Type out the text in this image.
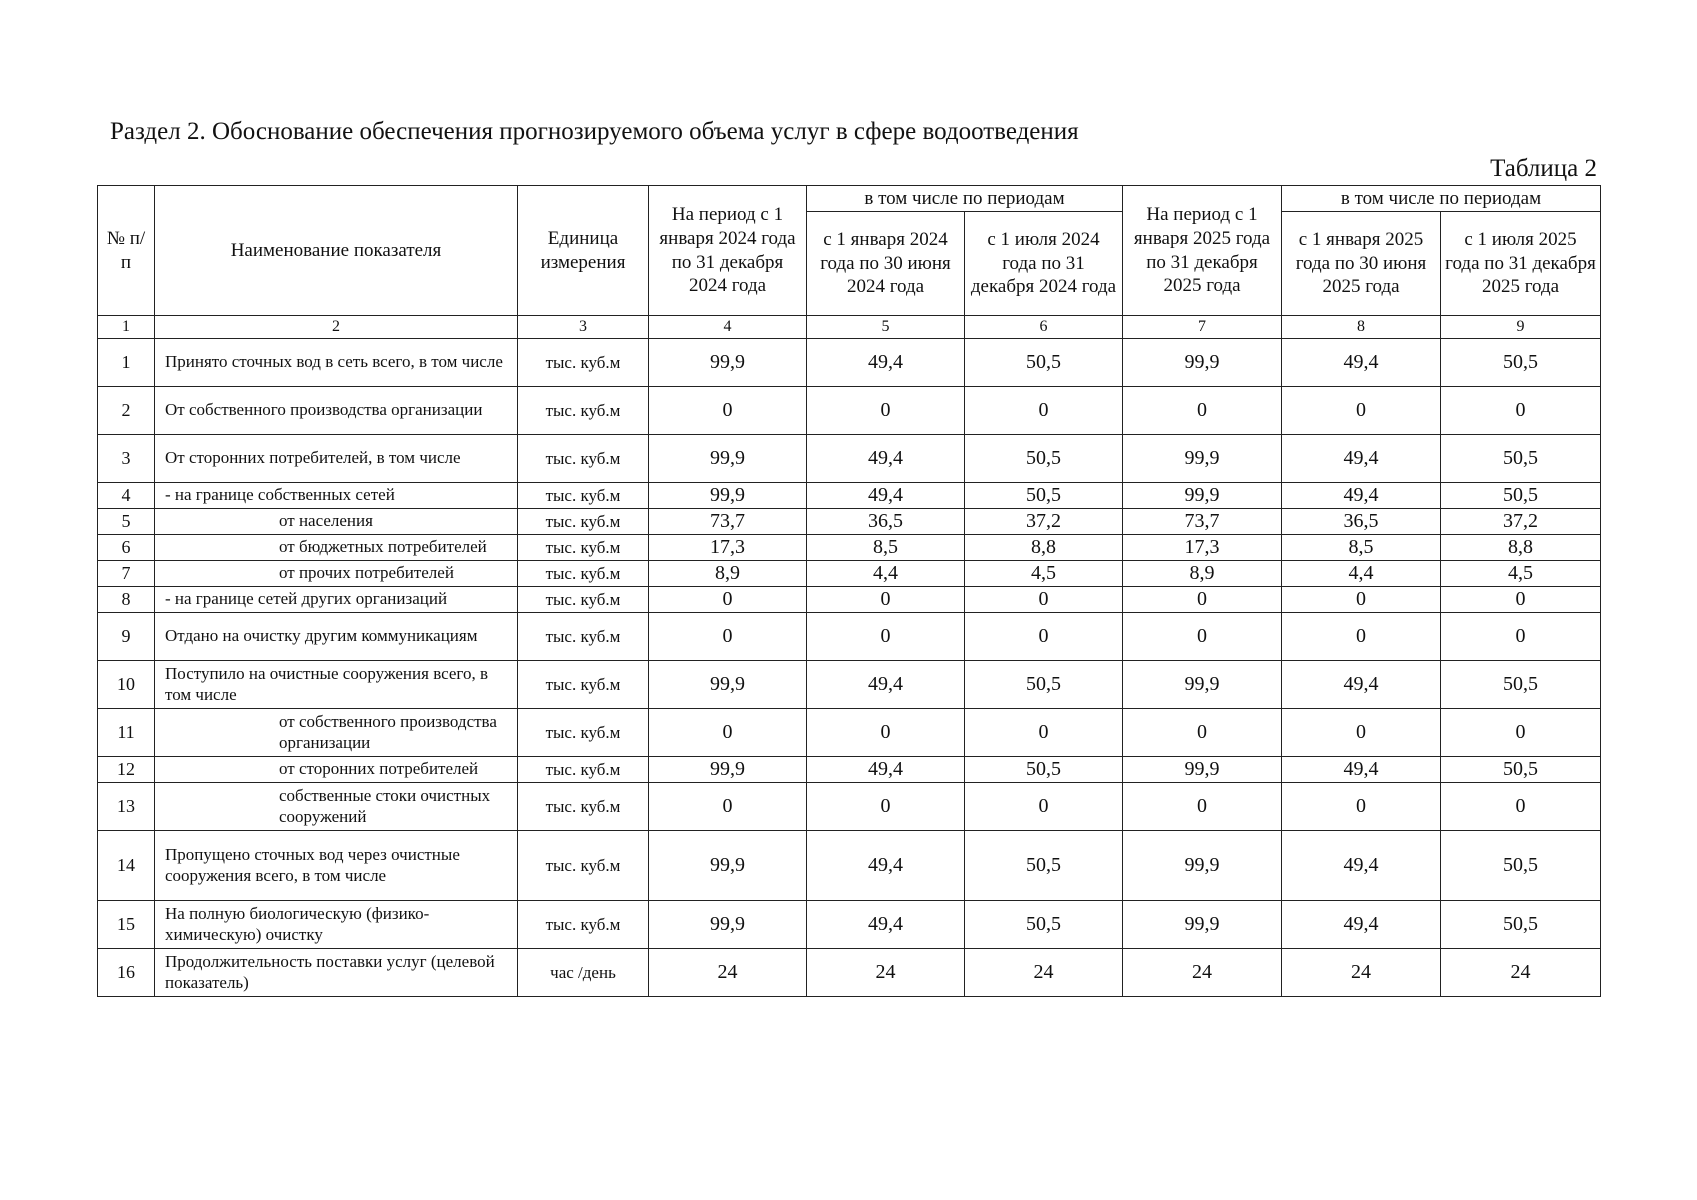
Раздел 2. Обоснование обеспечения прогнозируемого объема услуг в сфере водоотведения
Таблица 2
№ п/п	Наименование показателя	Единица измерения	На период с 1 января 2024 года по 31 декабря 2024 года	в том числе по периодам		На период с 1 января 2025 года по 31 декабря 2025 года	в том числе по периодам	
				с 1 января 2024 года по 30 июня 2024 года	с 1 июля 2024 года по 31 декабря 2024 года		с 1 января 2025 года по 30 июня 2025 года	с 1 июля 2025 года по 31 декабря 2025 года
1	2	3	4	5	6	7	8	9
1	Принято сточных вод в сеть всего, в том числе	тыс. куб.м	99,9	49,4	50,5	99,9	49,4	50,5
2	От собственного производства организации	тыс. куб.м	0	0	0	0	0	0
3	От сторонних потребителей, в том числе	тыс. куб.м	99,9	49,4	50,5	99,9	49,4	50,5
4	- на границе собственных сетей	тыс. куб.м	99,9	49,4	50,5	99,9	49,4	50,5
5	от населения	тыс. куб.м	73,7	36,5	37,2	73,7	36,5	37,2
6	от бюджетных потребителей	тыс. куб.м	17,3	8,5	8,8	17,3	8,5	8,8
7	от прочих потребителей	тыс. куб.м	8,9	4,4	4,5	8,9	4,4	4,5
8	- на границе сетей других организаций	тыс. куб.м	0	0	0	0	0	0
9	Отдано на очистку другим коммуникациям	тыс. куб.м	0	0	0	0	0	0
10	Поступило на очистные сооружения всего, в том числе	тыс. куб.м	99,9	49,4	50,5	99,9	49,4	50,5
11	от собственного производства организации	тыс. куб.м	0	0	0	0	0	0
12	от сторонних потребителей	тыс. куб.м	99,9	49,4	50,5	99,9	49,4	50,5
13	собственные стоки очистных сооружений	тыс. куб.м	0	0	0	0	0	0
14	Пропущено сточных вод через очистные сооружения всего, в том числе	тыс. куб.м	99,9	49,4	50,5	99,9	49,4	50,5
15	На полную биологическую (физико-химическую) очистку	тыс. куб.м	99,9	49,4	50,5	99,9	49,4	50,5
16	Продолжительность поставки услуг (целевой показатель)	час /день	24	24	24	24	24	24
